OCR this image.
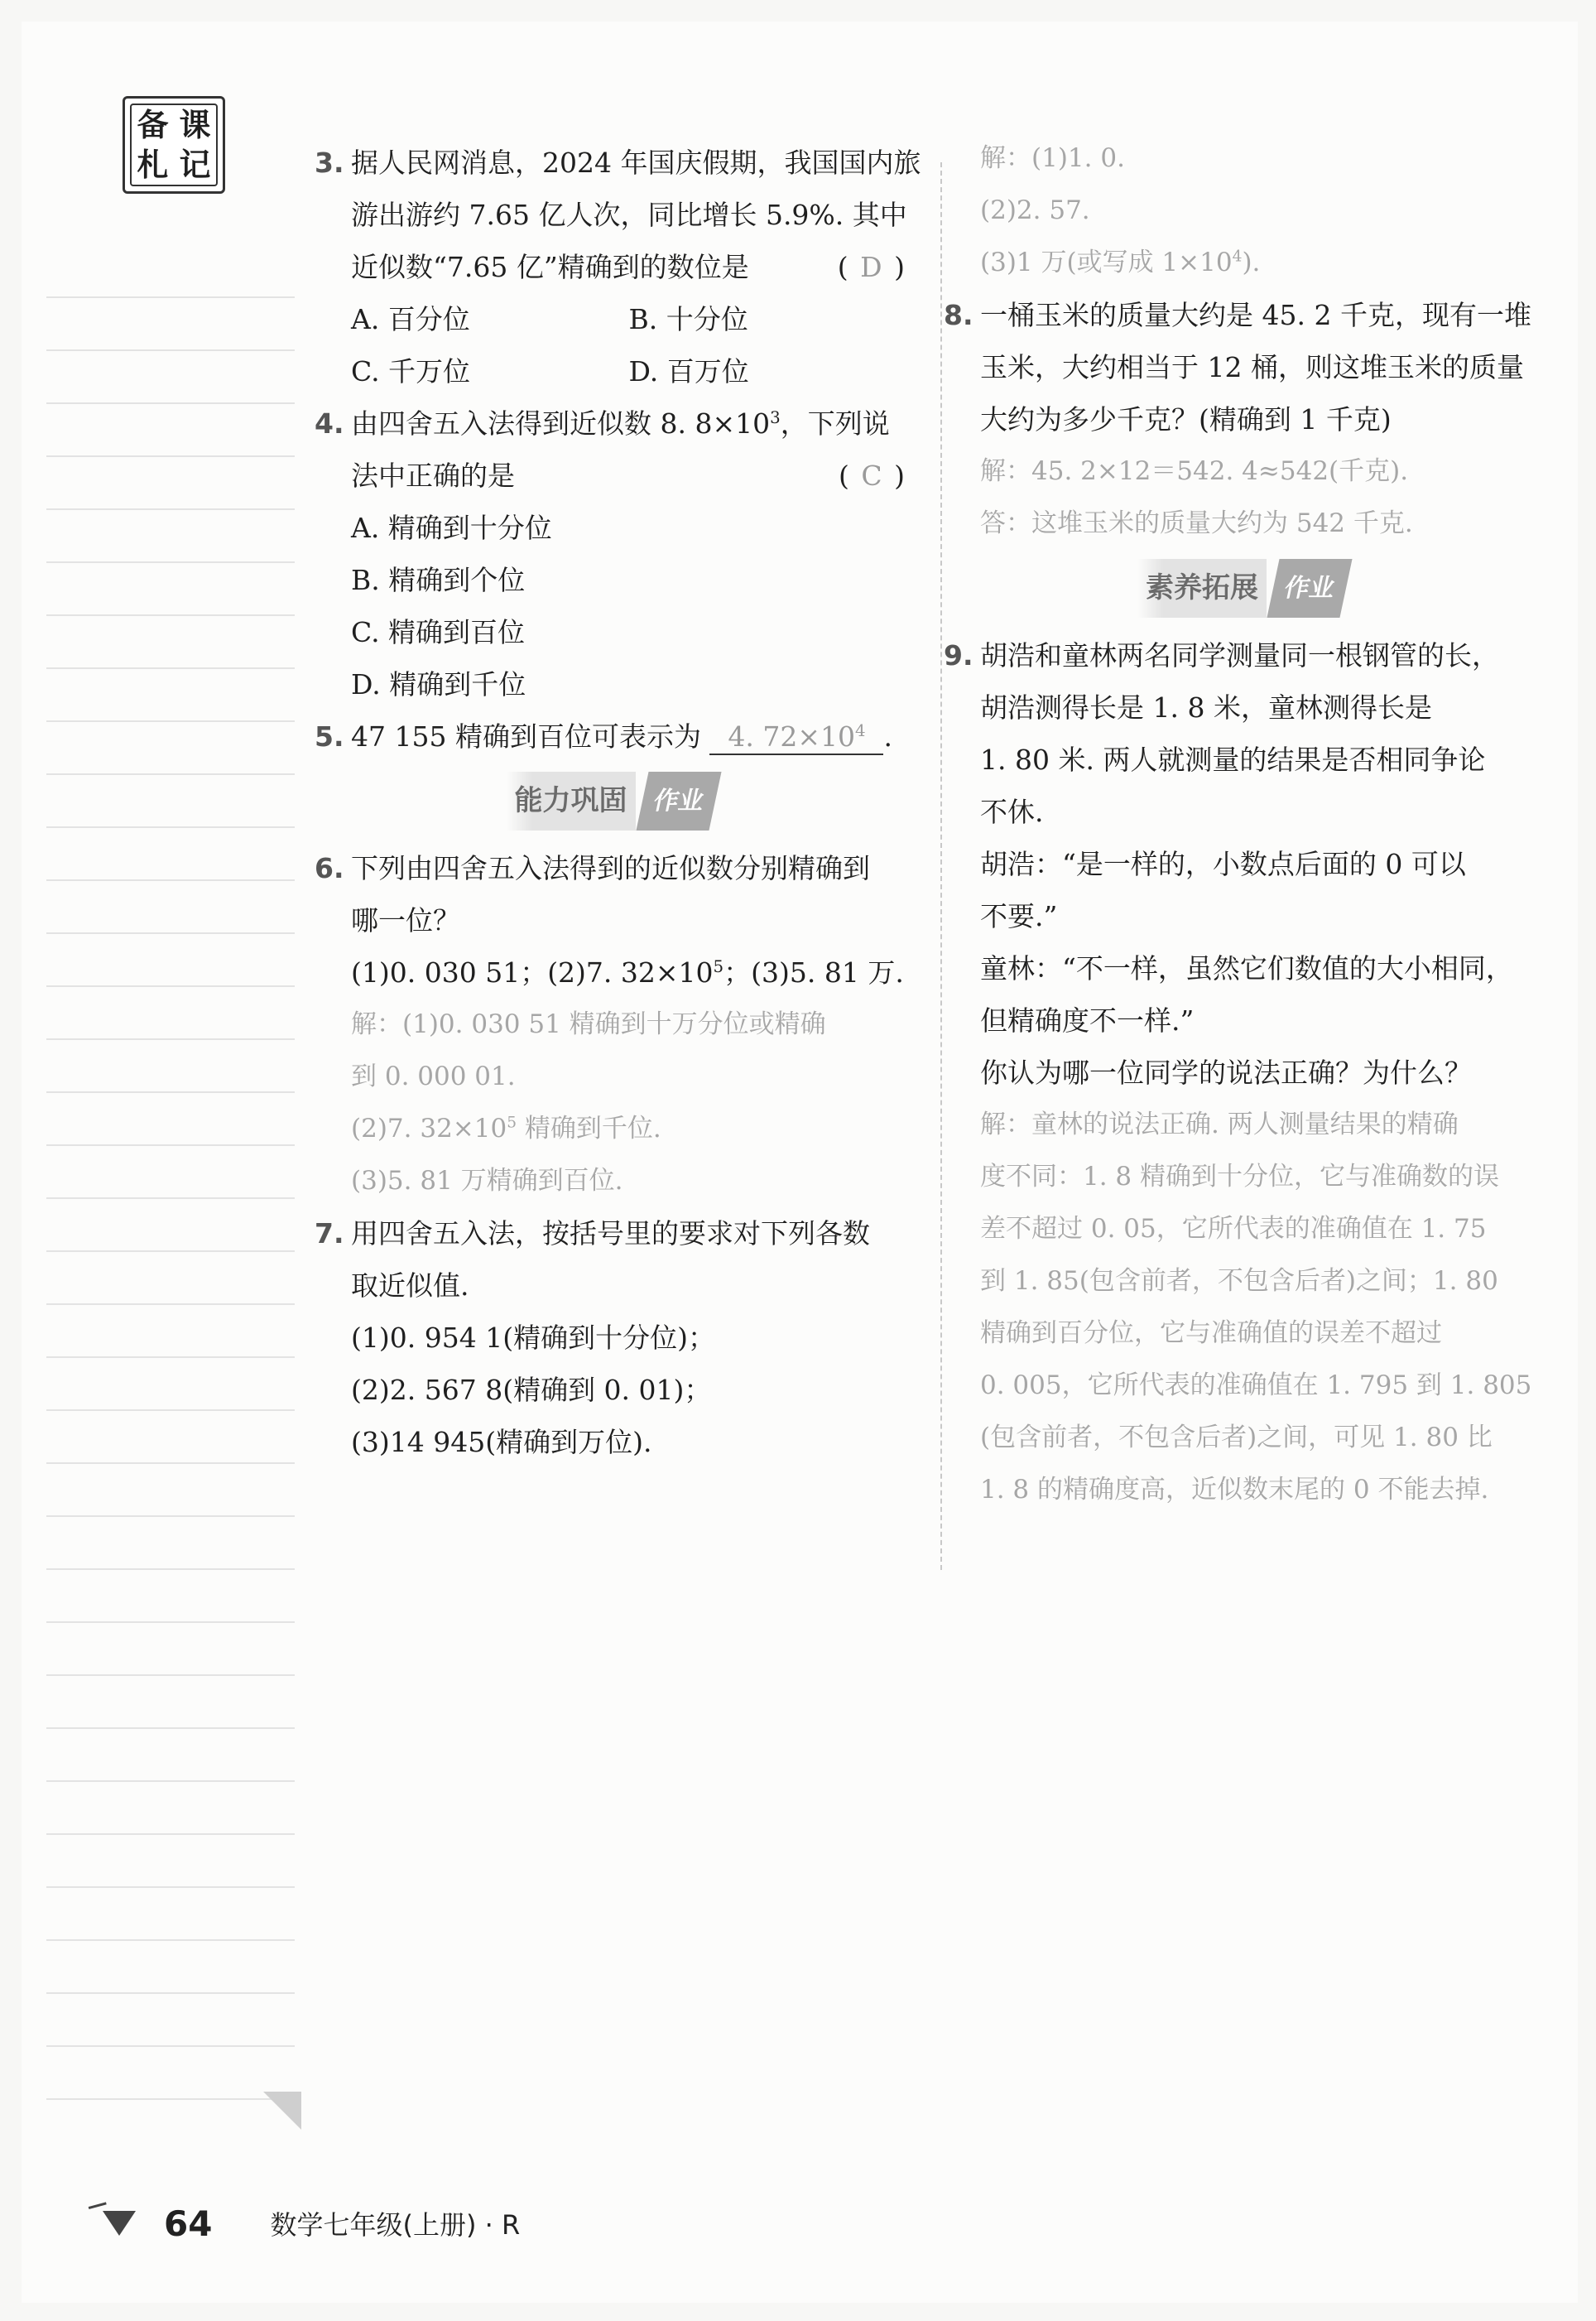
备 课
札 记	3. 据人民网消息，2024 年国庆假期，我国国内旅
游出游约 7.65 亿人次，同比增长 5.9%. 其中
近似数“7.65 亿”精确到的数位是	( D )
A. 百分位	B. 十分位
C. 千万位	D. 百万位
4. 由四舍五入法得到近似数 8. $8\times 10^3$，下列说
法中正确的是	( C )
A. 精确到十分位
B. 精确到个位
C. 精确到百位
D. 精确到千位
5. 47 155 精确到百位可表示为 4. $72\times 10^4$ .
能力巩固 作业
6. 下列由四舍五入法得到的近似数分别精确到
哪一位？
(1)0. 030 51；(2)7. $32\times 10^5$；(3)5. 81 万.
解：(1)0. 030 51 精确到十万分位或精确
到 0. 000 01.
(2)7. $32\times 10^5$ 精确到千位.
(3)5. 81 万精确到百位.
7. 用四舍五入法，按括号里的要求对下列各数
取近似值.
(1)0. 954 1(精确到十分位)；
(2)2. 567 8(精确到 0. 01)；
(3)14 945(精确到万位).
解：(1)1. 0.
(2)2. 57.
(3)1 万(或写成 $1\times 10^4$).
8. 一桶玉米的质量大约是 45. 2 千克，现有一堆
玉米，大约相当于 12 桶，则这堆玉米的质量
大约为多少千克？(精确到 1 千克)
解：45. 2×12＝542. 4≈542(千克).
答：这堆玉米的质量大约为 542 千克.
素养拓展 作业
9. 胡浩和童林两名同学测量同一根钢管的长，
胡浩测得长是 1. 8 米，童林测得长是
1. 80 米. 两人就测量的结果是否相同争论
不休.
胡浩：“是一样的，小数点后面的 0 可以
不要.”
童林：“不一样，虽然它们数值的大小相同，
但精确度不一样.”
你认为哪一位同学的说法正确？为什么？
解：童林的说法正确. 两人测量结果的精确
度不同：1. 8 精确到十分位，它与准确数的误
差不超过 0. 05，它所代表的准确值在 1. 75
到 1. 85(包含前者，不包含后者)之间；1. 80
精确到百分位，它与准确值的误差不超过
0. 005，它所代表的准确值在 1. 795 到 1. 805
(包含前者，不包含后者)之间，可见 1. 80 比
1. 8 的精确度高，近似数末尾的 0 不能去掉.
64 数学七年级(上册) · R
